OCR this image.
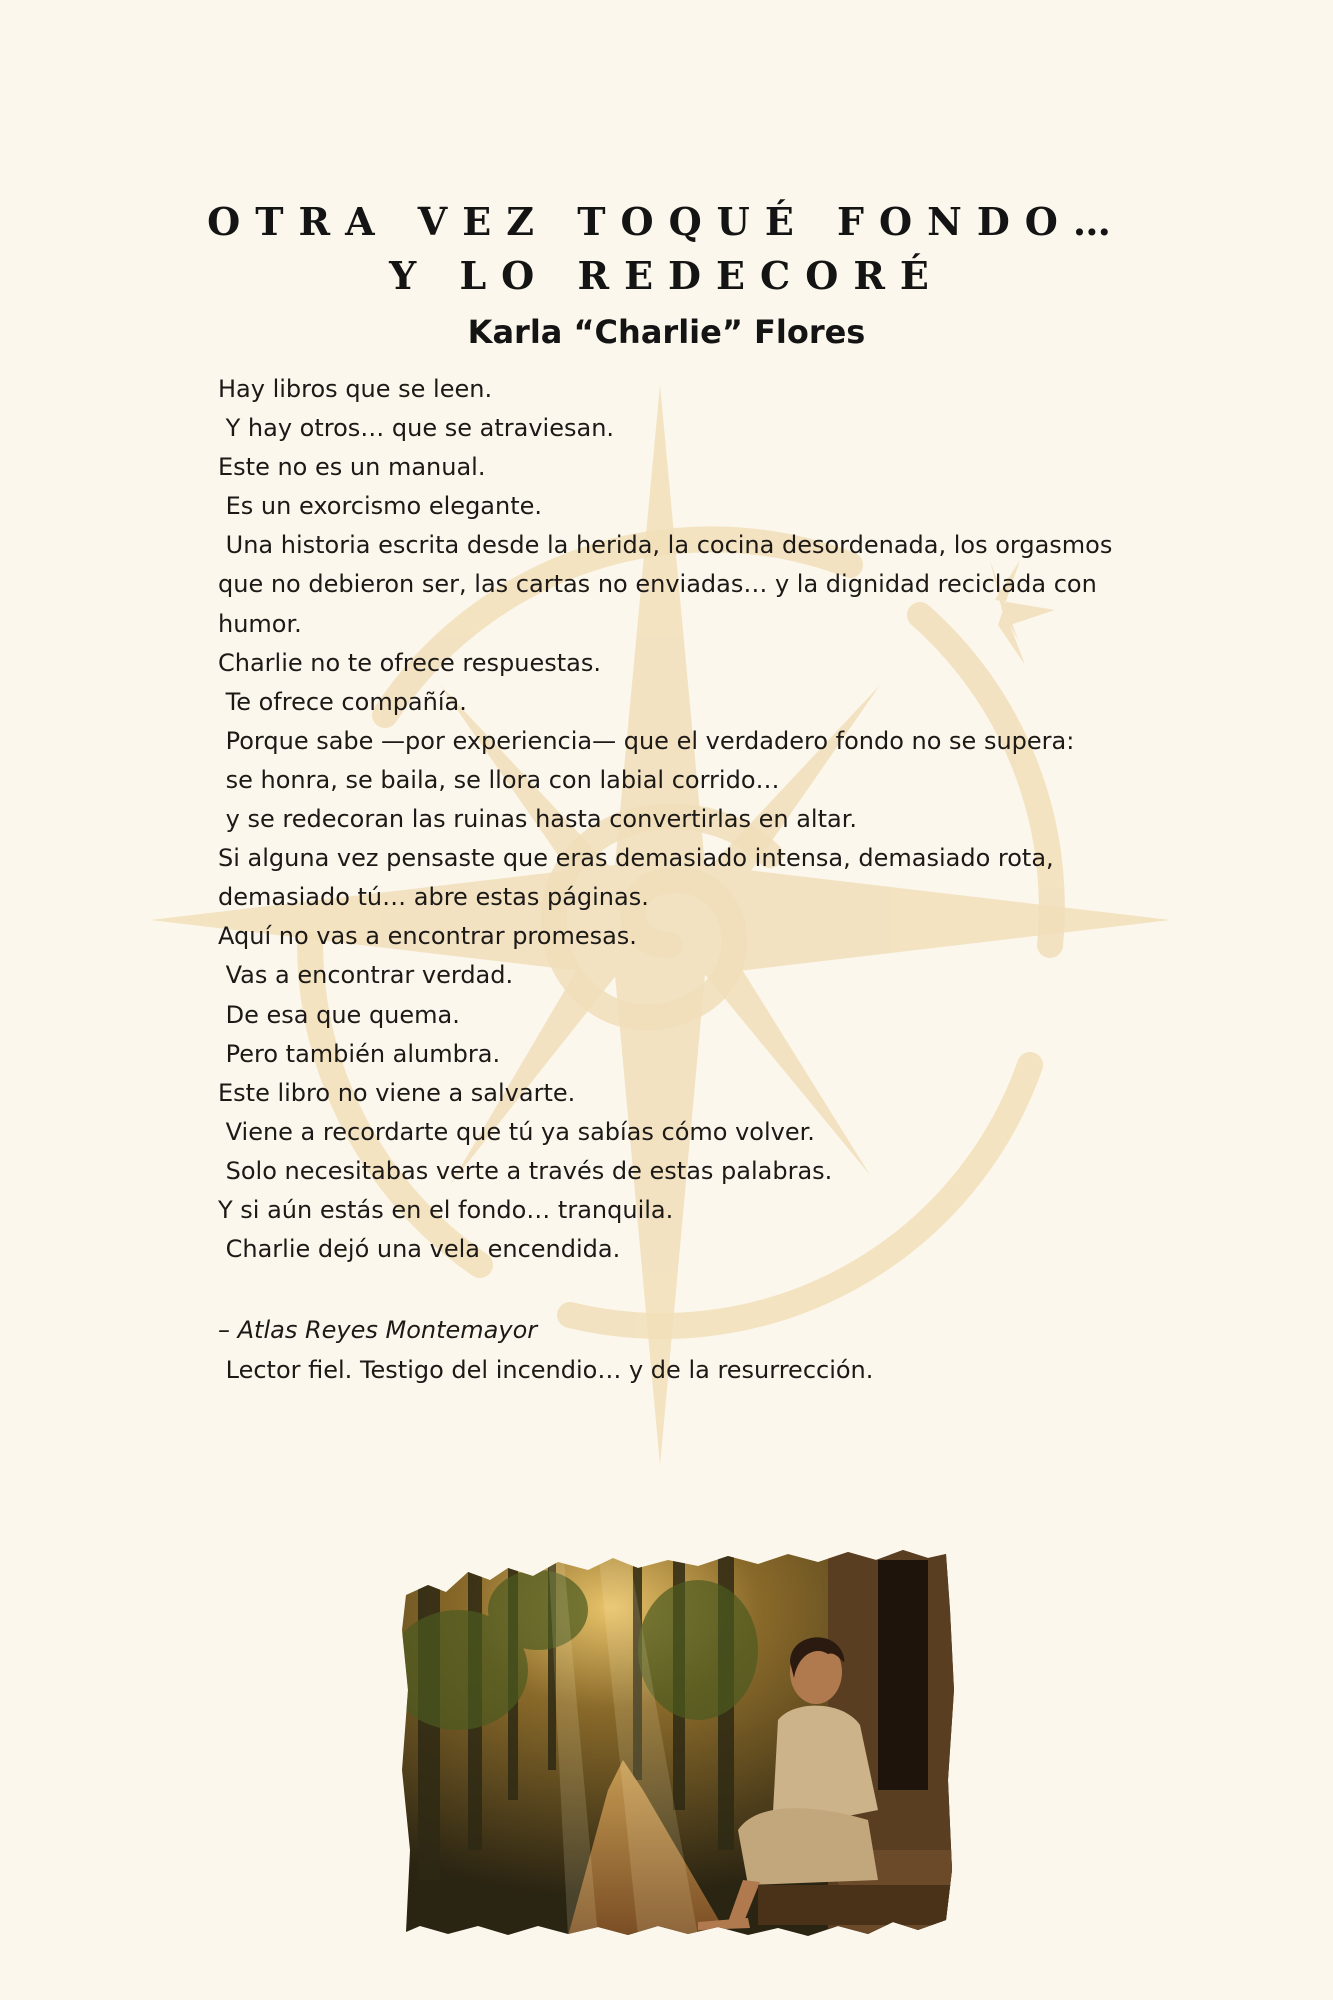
OTRA VEZ TOQUÉ FONDO…
Y LO REDECORÉ
Karla “Charlie” Flores

Hay libros que se leen.

Y hay otros… que se atraviesan.

Este no es un manual.

Es un exorcismo elegante.

Una historia escrita desde la herida, la cocina desordenada, los orgasmos

que no debieron ser, las cartas no enviadas… y la dignidad reciclada con

humor.

Charlie no te ofrece respuestas.

Te ofrece compañía.

Porque sabe —por experiencia— que el verdadero fondo no se supera:

se honra, se baila, se llora con labial corrido…

y se redecoran las ruinas hasta convertirlas en altar.

Si alguna vez pensaste que eras demasiado intensa, demasiado rota,

demasiado tú… abre estas páginas.

Aquí no vas a encontrar promesas.

Vas a encontrar verdad.

De esa que quema.

Pero también alumbra.

Este libro no viene a salvarte.

Viene a recordarte que tú ya sabías cómo volver.

Solo necesitabas verte a través de estas palabras.

Y si aún estás en el fondo… tranquila.

Charlie dejó una vela encendida.

– Atlas Reyes Montemayor

Lector fiel. Testigo del incendio… y de la resurrección.
